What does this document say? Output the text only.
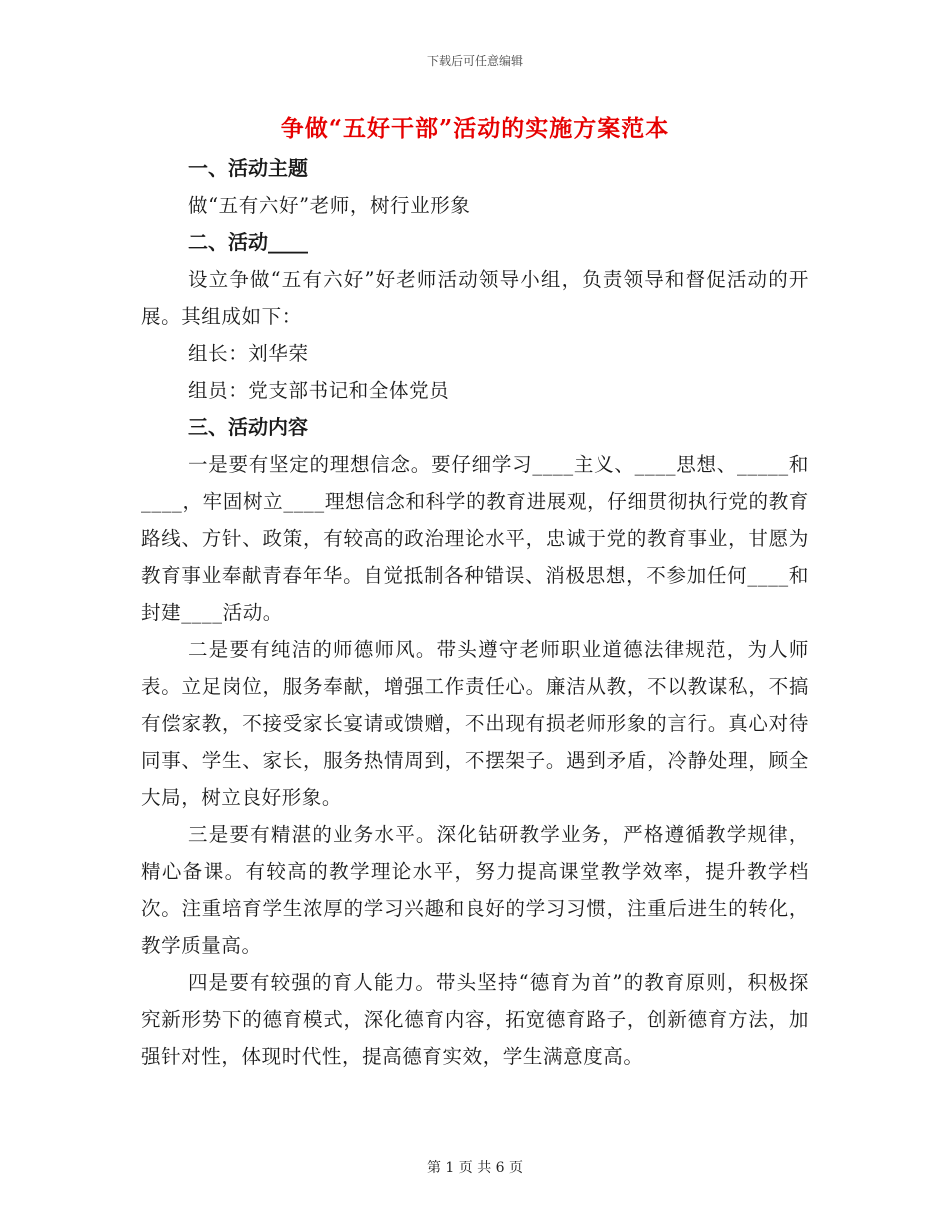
下载后可任意编辑
争做“五好干部”活动的实施方案范本

一、活动主题

做“五有六好”老师，树行业形象

二、活动____

设立争做“五有六好”好老师活动领导小组，负责领导和督促活动的开展。其组成如下：

组长：刘华荣

组员：党支部书记和全体党员

三、活动内容

一是要有坚定的理想信念。要仔细学习____主义、____思想、_____和____，牢固树立____理想信念和科学的教育进展观，仔细贯彻执行党的教育路线、方针、政策，有较高的政治理论水平，忠诚于党的教育事业，甘愿为教育事业奉献青春年华。自觉抵制各种错误、消极思想，不参加任何____和封建____活动。

二是要有纯洁的师德师风。带头遵守老师职业道德法律规范，为人师表。立足岗位，服务奉献，增强工作责任心。廉洁从教，不以教谋私，不搞有偿家教，不接受家长宴请或馈赠，不出现有损老师形象的言行。真心对待同事、学生、家长，服务热情周到，不摆架子。遇到矛盾，冷静处理，顾全大局，树立良好形象。

三是要有精湛的业务水平。深化钻研教学业务，严格遵循教学规律，精心备课。有较高的教学理论水平，努力提高课堂教学效率，提升教学档次。注重培育学生浓厚的学习兴趣和良好的学习习惯，注重后进生的转化，教学质量高。

四是要有较强的育人能力。带头坚持“德育为首”的教育原则，积极探究新形势下的德育模式，深化德育内容，拓宽德育路子，创新德育方法，加强针对性，体现时代性，提高德育实效，学生满意度高。

第 1 页 共 6 页
